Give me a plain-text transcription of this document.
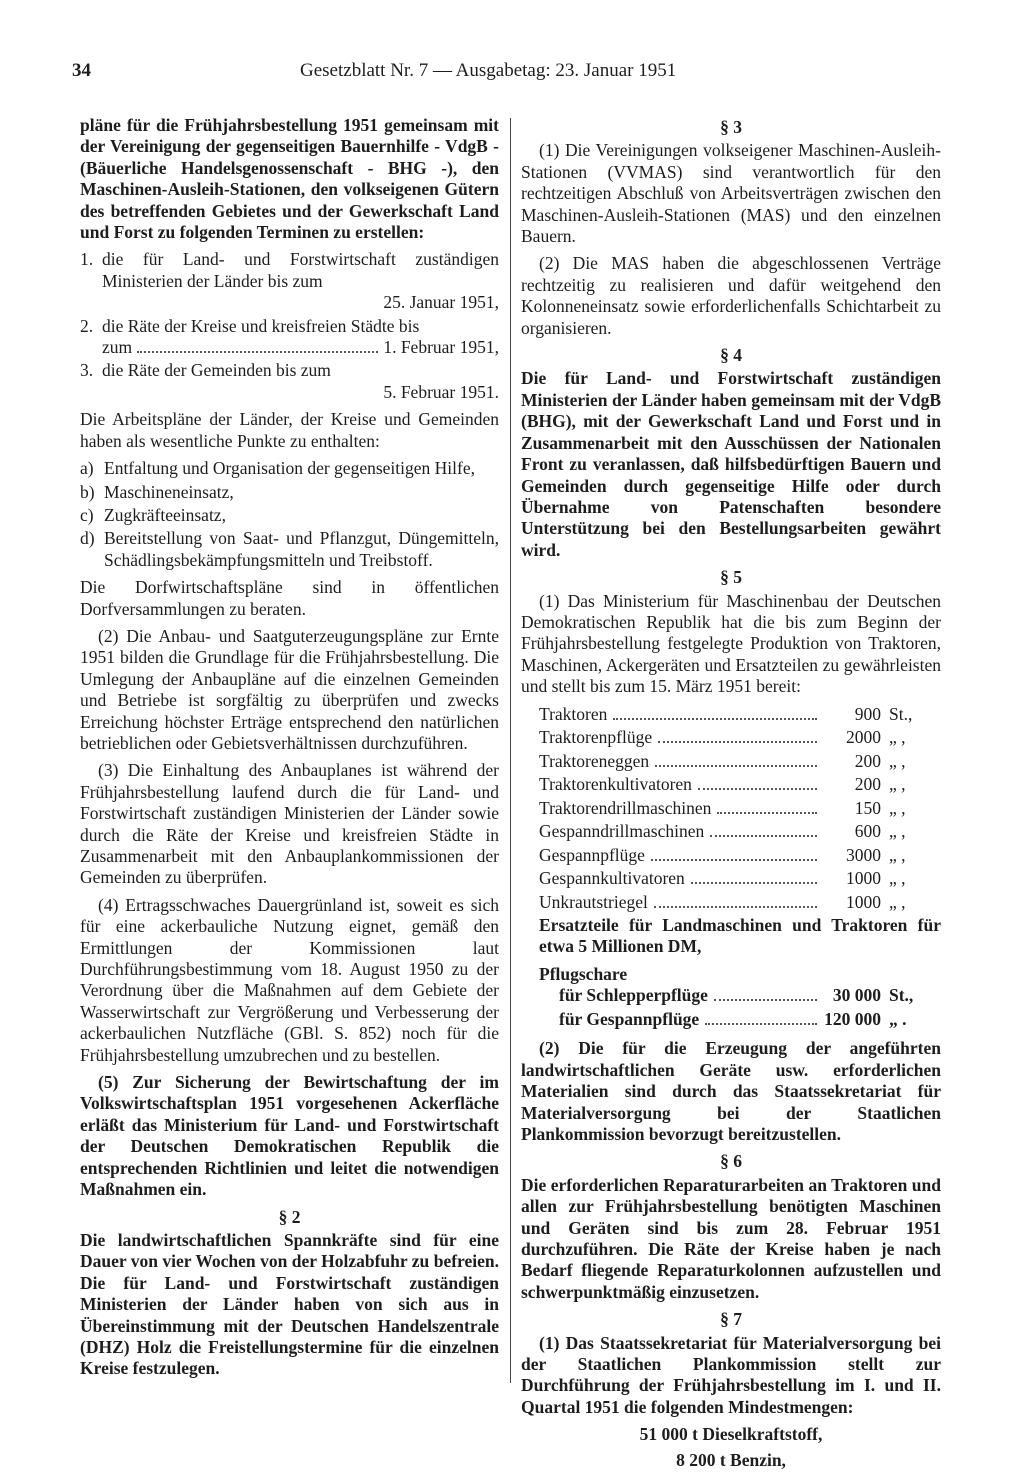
34	Gesetzblatt Nr. 7 — Ausgabetag: 23. Januar 1951

pläne für die Frühjahrsbestellung 1951 gemeinsam mit der Vereinigung der gegenseitigen Bauernhilfe - VdgB - (Bäuerliche Handelsgenossenschaft - BHG -), den Maschinen-Ausleih-Stationen, den volkseigenen Gütern des betreffenden Gebietes und der Gewerkschaft Land und Forst zu folgenden Terminen zu erstellen:

1. die für Land- und Forstwirtschaft zuständigen Ministerien der Länder bis zum
25. Januar 1951,
2. die Räte der Kreise und kreisfreien Städte bis
zum	1. Februar 1951,
3. die Räte der Gemeinden bis zum
5. Februar 1951.

Die Arbeitspläne der Länder, der Kreise und Gemeinden haben als wesentliche Punkte zu enthalten:

a) Entfaltung und Organisation der gegenseitigen Hilfe,
b) Maschineneinsatz,
c) Zugkräfteeinsatz,
d) Bereitstellung von Saat- und Pflanzgut, Düngemitteln, Schädlingsbekämpfungsmitteln und Treibstoff.

Die Dorfwirtschaftspläne sind in öffentlichen Dorfversammlungen zu beraten.

(2) Die Anbau- und Saatguterzeugungspläne zur Ernte 1951 bilden die Grundlage für die Frühjahrsbestellung. Die Umlegung der Anbaupläne auf die einzelnen Gemeinden und Betriebe ist sorgfältig zu überprüfen und zwecks Erreichung höchster Erträge entsprechend den natürlichen betrieblichen oder Gebietsverhältnissen durchzuführen.

(3) Die Einhaltung des Anbauplanes ist während der Frühjahrsbestellung laufend durch die für Land- und Forstwirtschaft zuständigen Ministerien der Länder sowie durch die Räte der Kreise und kreisfreien Städte in Zusammenarbeit mit den Anbauplankommissionen der Gemeinden zu überprüfen.

(4) Ertragsschwaches Dauergrünland ist, soweit es sich für eine ackerbauliche Nutzung eignet, gemäß den Ermittlungen der Kommissionen laut Durchführungsbestimmung vom 18. August 1950 zu der Verordnung über die Maßnahmen auf dem Gebiete der Wasserwirtschaft zur Vergrößerung und Verbesserung der ackerbaulichen Nutzfläche (GBl. S. 852) noch für die Frühjahrsbestellung umzubrechen und zu bestellen.

(5) Zur Sicherung der Bewirtschaftung der im Volkswirtschaftsplan 1951 vorgesehenen Ackerfläche erläßt das Ministerium für Land- und Forstwirtschaft der Deutschen Demokratischen Republik die entsprechenden Richtlinien und leitet die notwendigen Maßnahmen ein.

§ 2

Die landwirtschaftlichen Spannkräfte sind für eine Dauer von vier Wochen von der Holzabfuhr zu befreien. Die für Land- und Forstwirtschaft zuständigen Ministerien der Länder haben von sich aus in Übereinstimmung mit der Deutschen Handelszentrale (DHZ) Holz die Freistellungstermine für die einzelnen Kreise festzulegen.

§ 3

(1) Die Vereinigungen volkseigener Maschinen-Ausleih-Stationen (VVMAS) sind verantwortlich für den rechtzeitigen Abschluß von Arbeitsverträgen zwischen den Maschinen-Ausleih-Stationen (MAS) und den einzelnen Bauern.

(2) Die MAS haben die abgeschlossenen Verträge rechtzeitig zu realisieren und dafür weitgehend den Kolonneneinsatz sowie erforderlichenfalls Schichtarbeit zu organisieren.

§ 4

Die für Land- und Forstwirtschaft zuständigen Ministerien der Länder haben gemeinsam mit der VdgB (BHG), mit der Gewerkschaft Land und Forst und in Zusammenarbeit mit den Ausschüssen der Nationalen Front zu veranlassen, daß hilfsbedürftigen Bauern und Gemeinden durch gegenseitige Hilfe oder durch Übernahme von Patenschaften besondere Unterstützung bei den Bestellungsarbeiten gewährt wird.

§ 5

(1) Das Ministerium für Maschinenbau der Deutschen Demokratischen Republik hat die bis zum Beginn der Frühjahrsbestellung festgelegte Produktion von Traktoren, Maschinen, Ackergeräten und Ersatzteilen zu gewährleisten und stellt bis zum 15. März 1951 bereit:

Traktoren	900 St.,
Traktorenpflüge	2000 „ ,
Traktoreneggen	200 „ ,
Traktorenkultivatoren	200 „ ,
Traktorendrillmaschinen	150 „ ,
Gespanndrillmaschinen	600 „ ,
Gespannpflüge	3000 „ ,
Gespannkultivatoren	1000 „ ,
Unkrautstriegel	1000 „ ,

Ersatzteile für Landmaschinen und Traktoren für etwa 5 Millionen DM,

Pflugschare
für Schlepperpflüge	30 000 St.,
für Gespannpflüge	120 000 „ .

(2) Die für die Erzeugung der angeführten landwirtschaftlichen Geräte usw. erforderlichen Materialien sind durch das Staatssekretariat für Materialversorgung bei der Staatlichen Plankommission bevorzugt bereitzustellen.

§ 6

Die erforderlichen Reparaturarbeiten an Traktoren und allen zur Frühjahrsbestellung benötigten Maschinen und Geräten sind bis zum 28. Februar 1951 durchzuführen. Die Räte der Kreise haben je nach Bedarf fliegende Reparaturkolonnen aufzustellen und schwerpunktmäßig einzusetzen.

§ 7

(1) Das Staatssekretariat für Materialversorgung bei der Staatlichen Plankommission stellt zur Durchführung der Frühjahrsbestellung im I. und II. Quartal 1951 die folgenden Mindestmengen:

51 000 t Dieselkraftstoff,
8 200 t Benzin,
